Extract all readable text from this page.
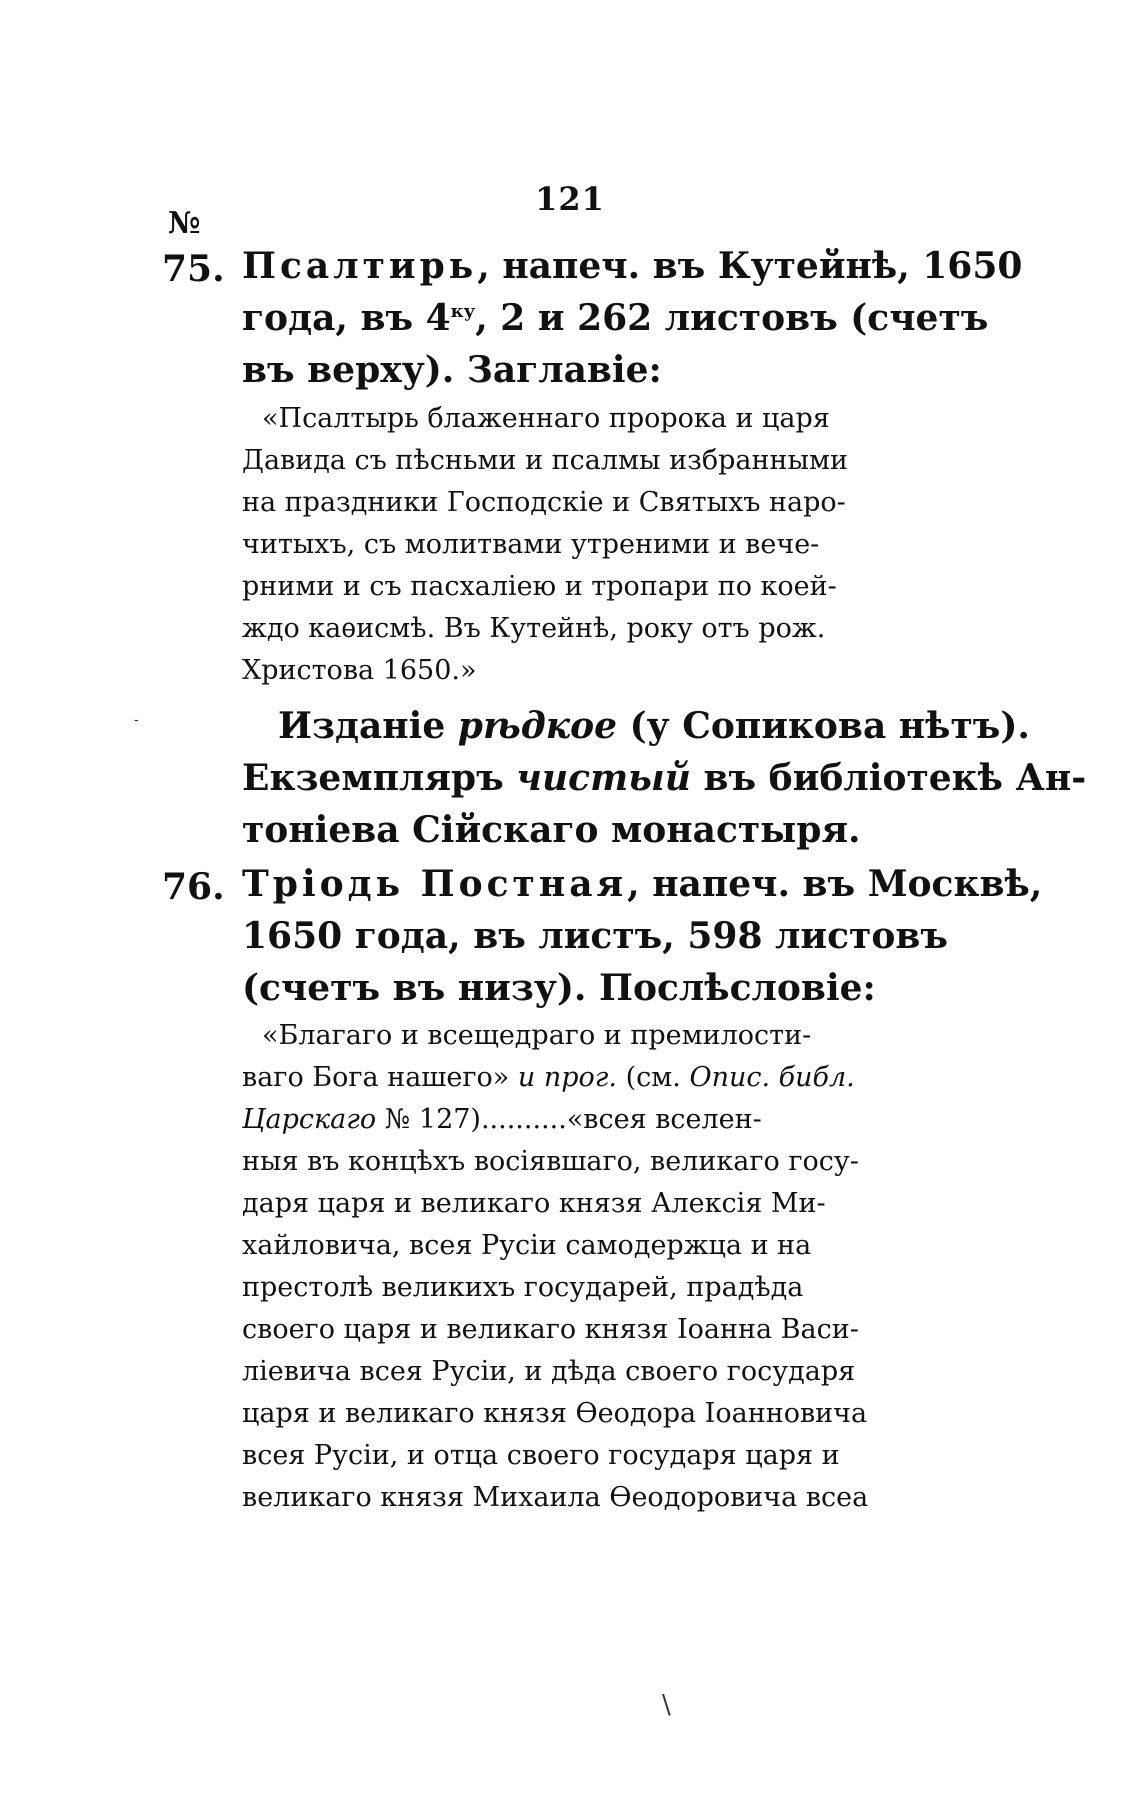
121
№
75. Псалтирь, напеч. въ Кутейнѣ, 1650
года, въ $4^{ку}$, 2 и 262 листовъ (счетъ
въ верху). Заглавіе:
«Псалтырь блаженнаго пророка и царя
Давида съ пѣсньми и псалмы избранными
на праздники Господскіе и Святыхъ наро-
читыхъ, съ молитвами утреними и вече-
рними и съ пасхаліею и тропари по коей-
ждо каѳисмѣ. Въ Кутейнѣ, року отъ рож.
Христова 1650.»
Изданіе рѣдкое (у Сопикова нѣтъ).
Екземпляръ чистый въ библіотекѣ Ан-
тоніева Сійскаго монастыря.
76. Тріодь Постная, напеч. въ Москвѣ,
1650 года, въ листъ, 598 листовъ
(счетъ въ низу). Послѣсловіе:
«Благаго и всещедраго и премилости-
ваго Бога нашего» и прог. (см. Опис. библ.
Царскаго № 127)..........«всея вселен-
ныя въ концѣхъ восіявшаго, великаго госу-
даря царя и великаго князя Алексія Ми-
хайловича, всея Русіи самодержца и на
престолѣ великихъ государей, прадѣда
своего царя и великаго князя Іоанна Васи-
ліевича всея Русіи, и дѣда своего государя
царя и великаго князя Ѳеодора Іоанновича
всея Русіи, и отца своего государя царя и
великаго князя Михаила Ѳеодоровича всеа
\
-
